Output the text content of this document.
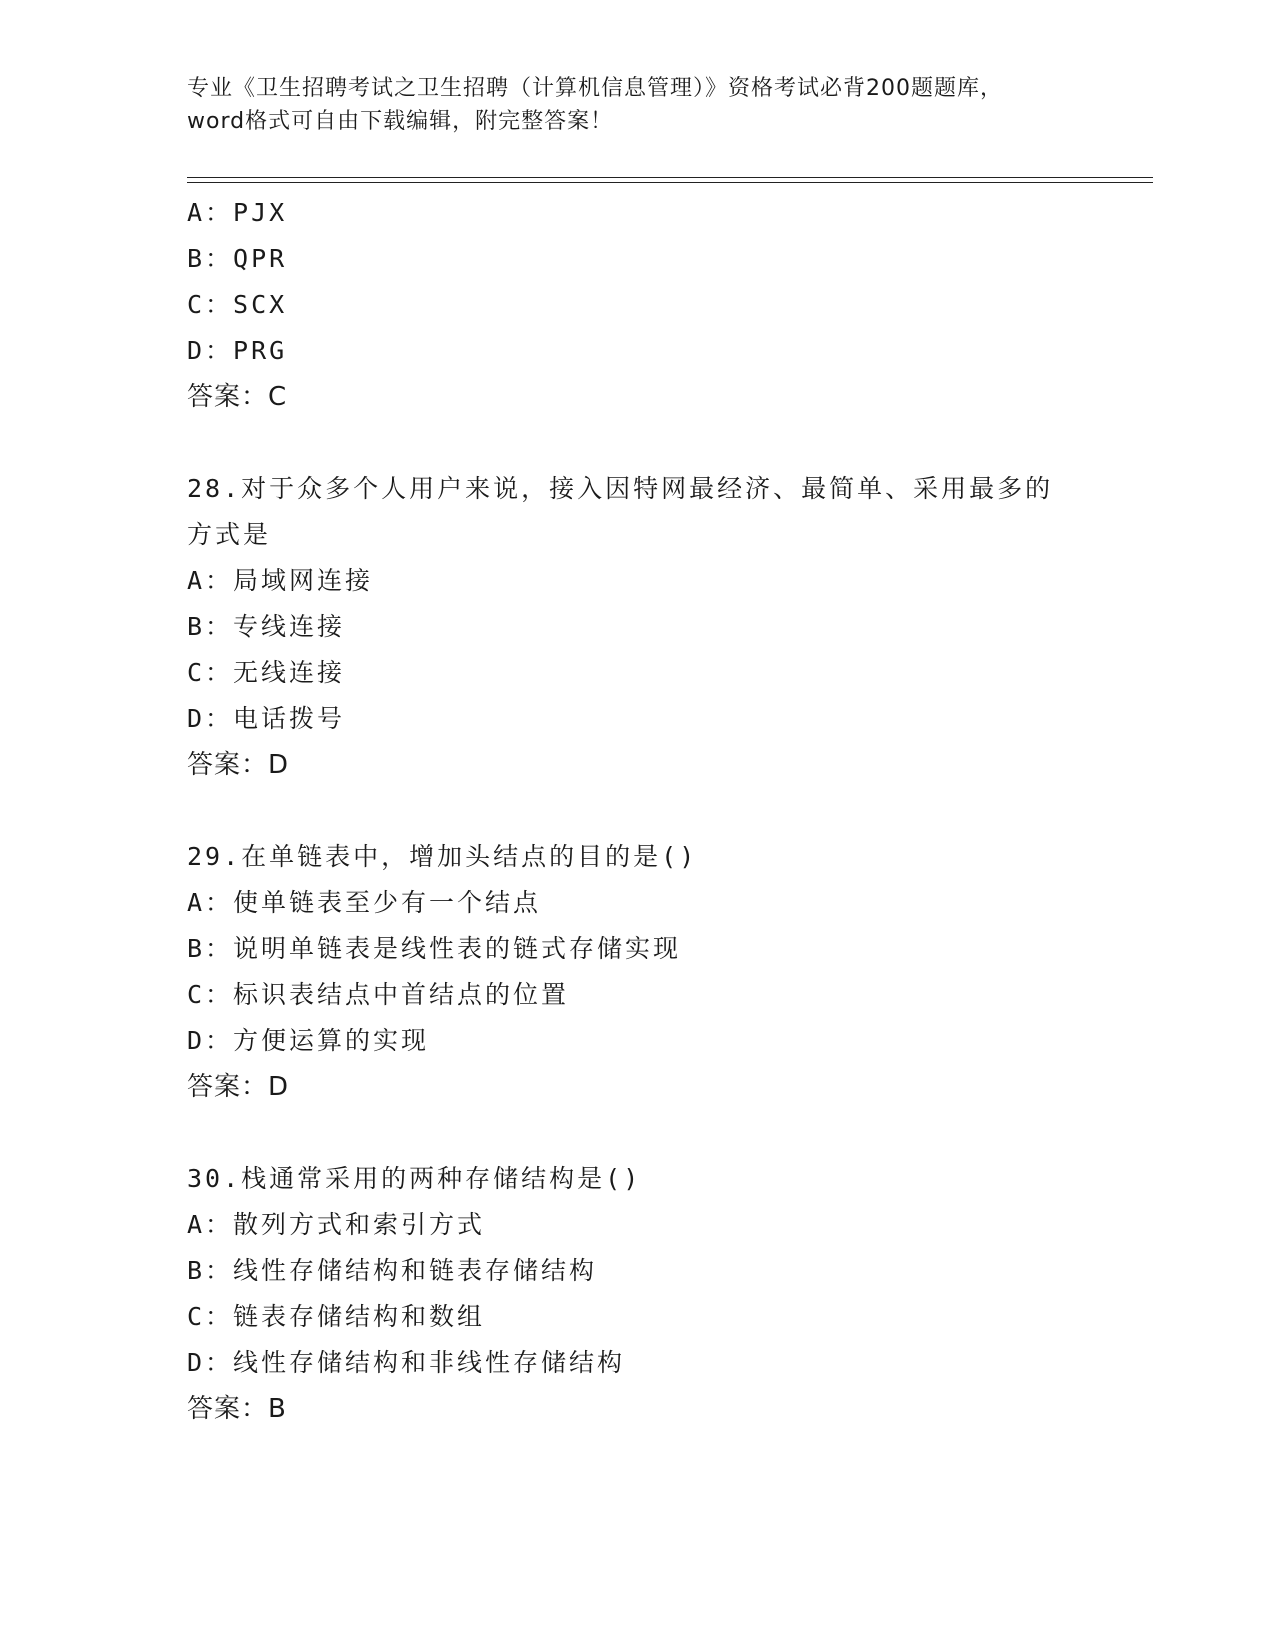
专业《卫生招聘考试之卫生招聘（计算机信息管理）》资格考试必背200题题库，
word格式可自由下载编辑，附完整答案！
A：PJX
B：QPR
C：SCX
D：PRG
答案：C
28.对于众多个人用户来说，接入因特网最经济、最简单、采用最多的
方式是
A：局域网连接
B：专线连接
C：无线连接
D：电话拨号
答案：D
29.在单链表中，增加头结点的目的是()
A：使单链表至少有一个结点
B：说明单链表是线性表的链式存储实现
C：标识表结点中首结点的位置
D：方便运算的实现
答案：D
30.栈通常采用的两种存储结构是()
A：散列方式和索引方式
B：线性存储结构和链表存储结构
C：链表存储结构和数组
D：线性存储结构和非线性存储结构
答案：B
